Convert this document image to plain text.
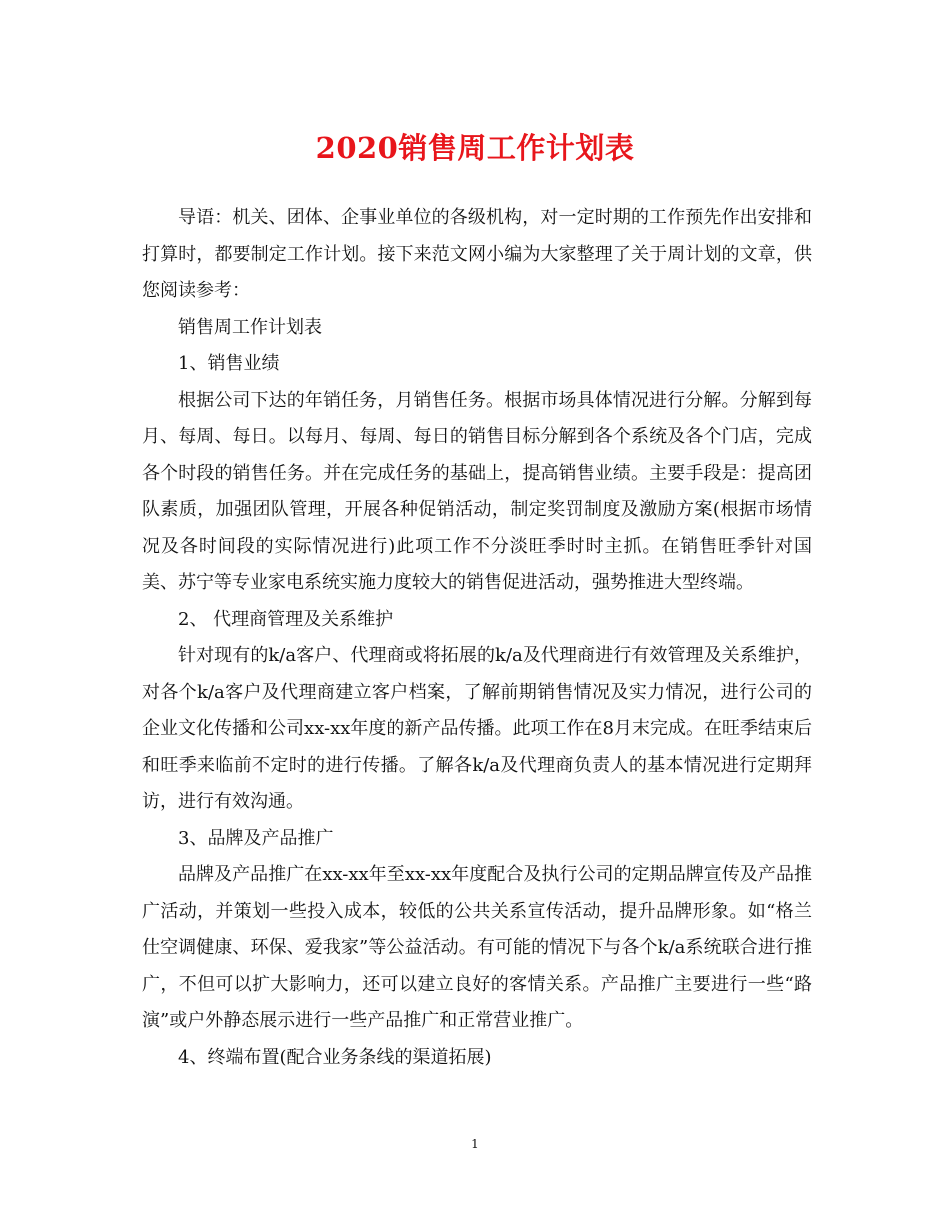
2020销售周工作计划表

导语：机关、团体、企事业单位的各级机构，对一定时期的工作预先作出安排和打算时，都要制定工作计划。接下来范文网小编为大家整理了关于周计划的文章，供您阅读参考：

销售周工作计划表

1、销售业绩

根据公司下达的年销任务，月销售任务。根据市场具体情况进行分解。分解到每月、每周、每日。以每月、每周、每日的销售目标分解到各个系统及各个门店，完成各个时段的销售任务。并在完成任务的基础上，提高销售业绩。主要手段是：提高团队素质，加强团队管理，开展各种促销活动，制定奖罚制度及激励方案(根据市场情况及各时间段的实际情况进行)此项工作不分淡旺季时时主抓。在销售旺季针对国美、苏宁等专业家电系统实施力度较大的销售促进活动，强势推进大型终端。

2、 代理商管理及关系维护

针对现有的k/a客户、代理商或将拓展的k/a及代理商进行有效管理及关系维护，对各个k/a客户及代理商建立客户档案，了解前期销售情况及实力情况，进行公司的企业文化传播和公司xx-xx年度的新产品传播。此项工作在8月末完成。在旺季结束后和旺季来临前不定时的进行传播。了解各k/a及代理商负责人的基本情况进行定期拜访，进行有效沟通。

3、品牌及产品推广

品牌及产品推广在xx-xx年至xx-xx年度配合及执行公司的定期品牌宣传及产品推广活动，并策划一些投入成本，较低的公共关系宣传活动，提升品牌形象。如“格兰仕空调健康、环保、爱我家”等公益活动。有可能的情况下与各个k/a系统联合进行推广，不但可以扩大影响力，还可以建立良好的客情关系。产品推广主要进行一些“路演”或户外静态展示进行一些产品推广和正常营业推广。

4、终端布置(配合业务条线的渠道拓展)

1
